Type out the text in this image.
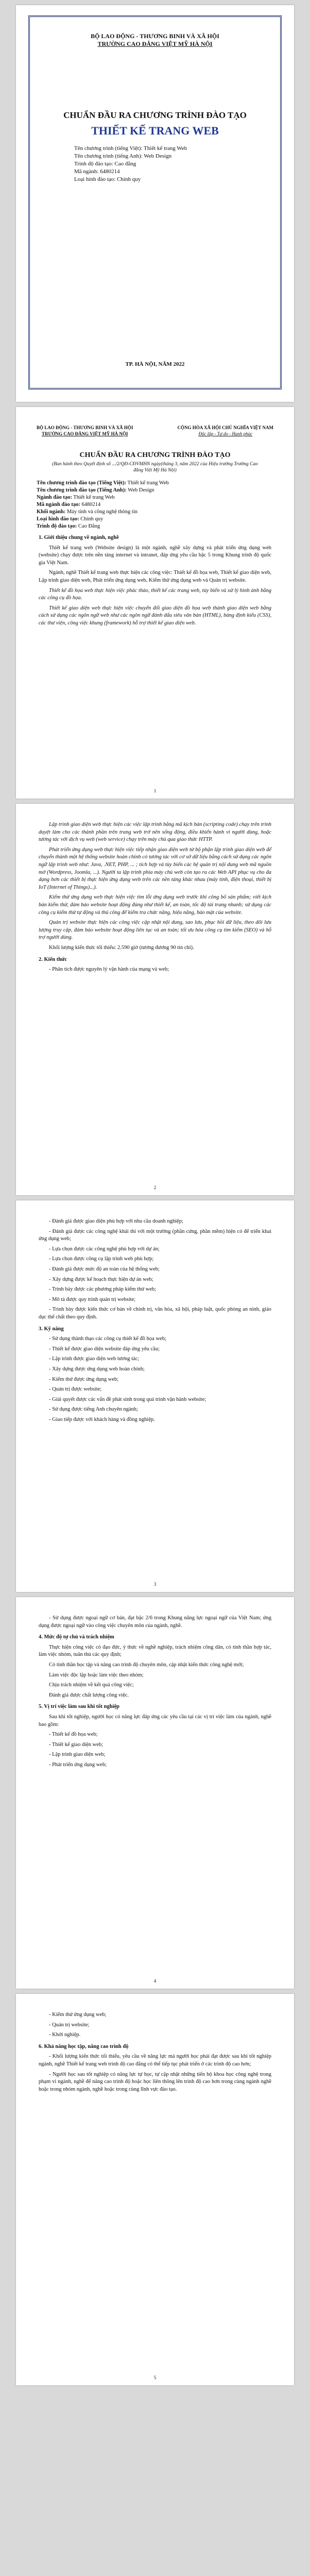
BỘ LAO ĐỘNG - THƯƠNG BINH VÀ XÃ HỘI
TRƯỜNG CAO ĐẲNG VIỆT MỸ HÀ NỘI
CHUẨN ĐẦU RA CHƯƠNG TRÌNH ĐÀO TẠO
THIẾT KẾ TRANG WEB
Tên chương trình (tiếng Việt): Thiết kế trang Web
Tên chương trình (tiếng Anh): Web Design
Trình độ đào tạo: Cao đẳng
Mã ngành: 6480214
Loại hình đào tạo: Chính quy
TP. HÀ NỘI, NĂM 2022
BỘ LAO ĐỘNG - THƯƠNG BINH VÀ XÃ HỘI
TRƯỜNG CAO ĐẲNG VIỆT MỸ HÀ NỘI
CỘNG HÒA XÃ HỘI CHỦ NGHĨA VIỆT NAM
Độc lập - Tự do - Hạnh phúc
CHUẨN ĐẦU RA CHƯƠNG TRÌNH ĐÀO TẠO
(Ban hành theo Quyết định số .../2/QĐ-CĐVMHN ngày(tháng 3, năm 2022 của Hiệu trưởng Trường Cao đẳng Việt Mỹ Hà Nội)
Tên chương trình đào tạo (Tiếng Việt): Thiết kế trang Web
Tên chương trình đào tạo (Tiếng Anh): Web Design
Ngành đào tạo: Thiết kế trang Web
Mã ngành đào tạo: 6480214
Khối ngành: Máy tính và công nghệ thông tin
Loại hình đào tạo: Chính quy
Trình độ đào tạo: Cao Đẳng
1. Giới thiệu chung về ngành, nghề

Thiết kế trang web (Website design) là một ngành, nghề xây dựng và phát triển ứng dụng web (website) chạy được trên nền tảng internet và intranet, đáp ứng yêu cầu bậc 5 trong Khung trình độ quốc gia Việt Nam.

Ngành, nghề Thiết kế trang web thực hiện các công việc: Thiết kế đồ họa web, Thiết kế giao diện web, Lập trình giao diện web, Phát triển ứng dụng web, Kiểm thử ứng dụng web và Quản trị website.

Thiết kế đồ họa web thực hiện việc phác thảo, thiết kế các trang web, tùy biến và xử lý hình ảnh bằng các công cụ đồ họa.

Thiết kế giao diện web thực hiện việc chuyển đổi giao diện đồ họa web thành giao diện web bằng cách sử dụng các ngôn ngữ web như các ngôn ngữ đánh dấu siêu văn bản (HTML), bảng định kiểu (CSS), các thư viện, công việc khung (framework) hỗ trợ thiết kế giao diện web.

1

Lập trình giao diện web thực hiện các việc lập trình bằng mã kịch bản (scripting code) chạy trên trình duyệt làm cho các thành phần trên trang web trở nên sống động, điều khiển hành vi người dùng, hoặc tương tác với dịch vụ web (web service) chạy trên máy chủ qua giao thức HTTP.

Phát triển ứng dụng web thực hiện việc tiếp nhận giao diện web từ bộ phận lập trình giao diện web để chuyển thành một hệ thống website hoàn chỉnh có tương tác với cơ sở dữ liệu bằng cách sử dụng các ngôn ngữ lập trình web như: Java, .NET, PHP, ... ; tích hợp và tùy biến các hệ quản trị nội dung web mã nguồn mở (Wordpress, Joomla, ...). Người ta lập trình phía máy chủ web còn tạo ra các Web API phục vụ cho đa dạng hơn các thiết bị thực hiện ứng dụng web trên các nền tảng khác nhau (máy tính, điện thoại, thiết bị IoT (Internet of Things)...).

Kiểm thử ứng dụng web thực hiện việc tìm lỗi ứng dụng web trước khi công bố sản phẩm; viết kịch bản kiểm thử, đảm bảo website hoạt động đúng như thiết kế, an toàn, tốc độ tải trang nhanh; sử dụng các công cụ kiểm thử tự động và thủ công để kiểm tra chức năng, hiệu năng, bảo mật của website.

Quản trị website thực hiện các công việc cập nhật nội dung, sao lưu, phục hồi dữ liệu, theo dõi lưu lượng truy cập, đảm bảo website hoạt động liên tục và an toàn; tối ưu hóa công cụ tìm kiếm (SEO) và hỗ trợ người dùng.

Khối lượng kiến thức tối thiểu: 2.590 giờ (tương đương 90 tín chỉ).

2. Kiến thức

- Phân tích được nguyên lý vận hành của mạng và web;

2

- Đánh giá được giao diện phù hợp với nhu cầu doanh nghiệp;

- Đánh giá được các công nghệ khái thi với một trường (phần cứng, phần mềm) hiện có để triển khai ứng dụng web;

- Lựa chọn được các công nghệ phù hợp với dự án;

- Lựa chọn được công cụ lập trình web phù hợp;

- Đánh giá được mức độ an toàn của hệ thống web;

- Xây dựng được kế hoạch thực hiện dự án web;

- Trình bày được các phương pháp kiểm thử web;

- Mô tả được quy trình quản trị website;

- Trình bày được kiến thức cơ bản về chính trị, văn hóa, xã hội, pháp luật, quốc phòng an ninh, giáo dục thể chất theo quy định.

3. Kỹ năng

- Sử dụng thành thạo các công cụ thiết kế đồ họa web;

- Thiết kế được giao diện website đáp ứng yêu cầu;

- Lập trình được giao diện web tương tác;

- Xây dựng được ứng dụng web hoàn chỉnh;

- Kiểm thử được ứng dụng web;

- Quản trị được website;

- Giải quyết được các vấn đề phát sinh trong quá trình vận hành website;

- Sử dụng được tiếng Anh chuyên ngành;

- Giao tiếp được với khách hàng và đồng nghiệp.

3

- Sử dụng được ngoại ngữ cơ bản, đạt bậc 2/6 trong Khung năng lực ngoại ngữ của Việt Nam; ứng dụng được ngoại ngữ vào công việc chuyên môn của ngành, nghề.

4. Mức độ tự chủ và trách nhiệm

Thực hiện công việc có đạo đức, ý thức về nghề nghiệp, trách nhiệm công dân, có tinh thần hợp tác, làm việc nhóm, tuân thủ các quy định;

Có tinh thần học tập và nâng cao trình độ chuyên môn, cập nhật kiến thức công nghệ mới;

Làm việc độc lập hoặc làm việc theo nhóm;

Chịu trách nhiệm về kết quả công việc;

Đánh giá được chất lượng công việc.

5. Vị trí việc làm sau khi tốt nghiệp

Sau khi tốt nghiệp, người học có năng lực đáp ứng các yêu cầu tại các vị trí việc làm của ngành, nghề bao gồm:

- Thiết kế đồ họa web;

- Thiết kế giao diện web;

- Lập trình giao diện web;

- Phát triển ứng dụng web;

4

- Kiểm thử ứng dụng web;

- Quản trị website;

- Khởi nghiệp.

6. Khả năng học tập, nâng cao trình độ

- Khối lượng kiến thức tối thiểu, yêu cầu về năng lực mà người học phải đạt được sau khi tốt nghiệp ngành, nghề Thiết kế trang web trình độ cao đẳng có thể tiếp tục phát triển ở các trình độ cao hơn;

- Người học sau tốt nghiệp có năng lực tự học, tự cập nhật những tiến bộ khoa học công nghệ trong phạm vi ngành, nghề để nâng cao trình độ hoặc học liên thông lên trình độ cao hơn trong cùng ngành nghề hoặc trong nhóm ngành, nghề hoặc trong cùng lĩnh vực đào tạo.

5
